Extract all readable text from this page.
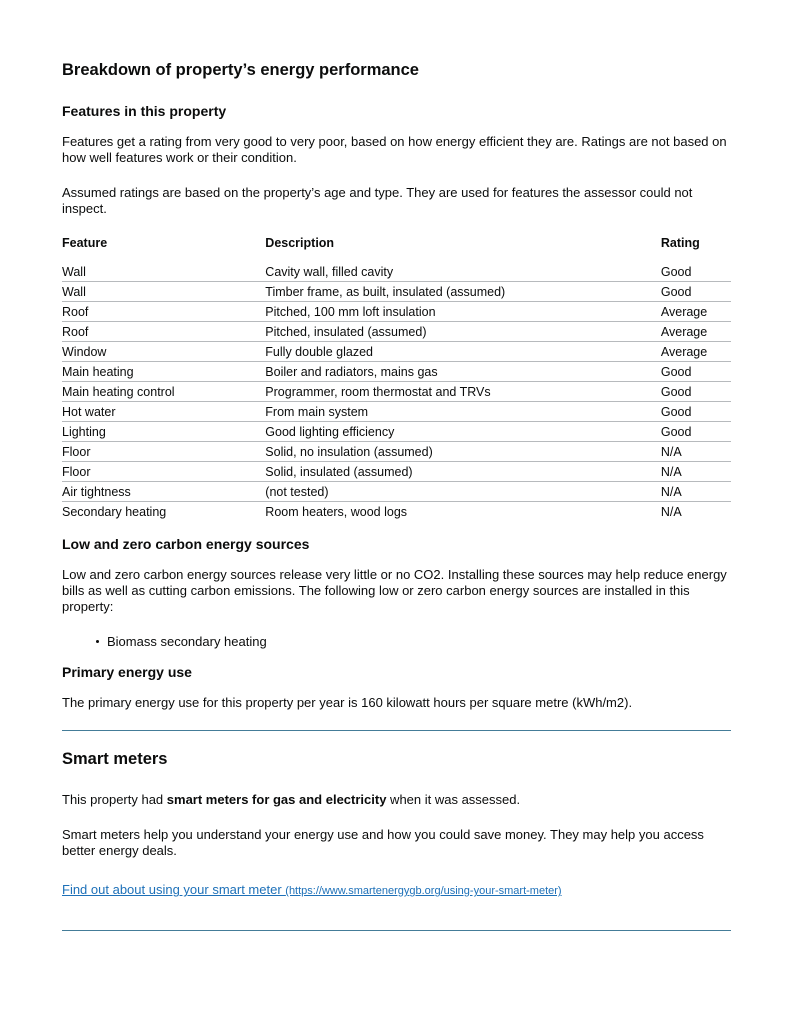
Breakdown of property’s energy performance
Features in this property

Features get a rating from very good to very poor, based on how energy efficient they are. Ratings are not based on how well features work or their condition.

Assumed ratings are based on the property’s age and type. They are used for features the assessor could not inspect.

Feature	Description	Rating
Wall	Cavity wall, filled cavity	Good
Wall	Timber frame, as built, insulated (assumed)	Good
Roof	Pitched, 100 mm loft insulation	Average
Roof	Pitched, insulated (assumed)	Average
Window	Fully double glazed	Average
Main heating	Boiler and radiators, mains gas	Good
Main heating control	Programmer, room thermostat and TRVs	Good
Hot water	From main system	Good
Lighting	Good lighting efficiency	Good
Floor	Solid, no insulation (assumed)	N/A
Floor	Solid, insulated (assumed)	N/A
Air tightness	(not tested)	N/A
Secondary heating	Room heaters, wood logs	N/A
Low and zero carbon energy sources

Low and zero carbon energy sources release very little or no CO2. Installing these sources may help reduce energy bills as well as cutting carbon emissions. The following low or zero carbon energy sources are installed in this property:

Biomass secondary heating
Primary energy use

The primary energy use for this property per year is 160 kilowatt hours per square metre (kWh/m2).

Smart meters

This property had smart meters for gas and electricity when it was assessed.

Smart meters help you understand your energy use and how you could save money. They may help you access better energy deals.

Find out about using your smart meter (https://www.smartenergygb.org/using-your-smart-meter)
